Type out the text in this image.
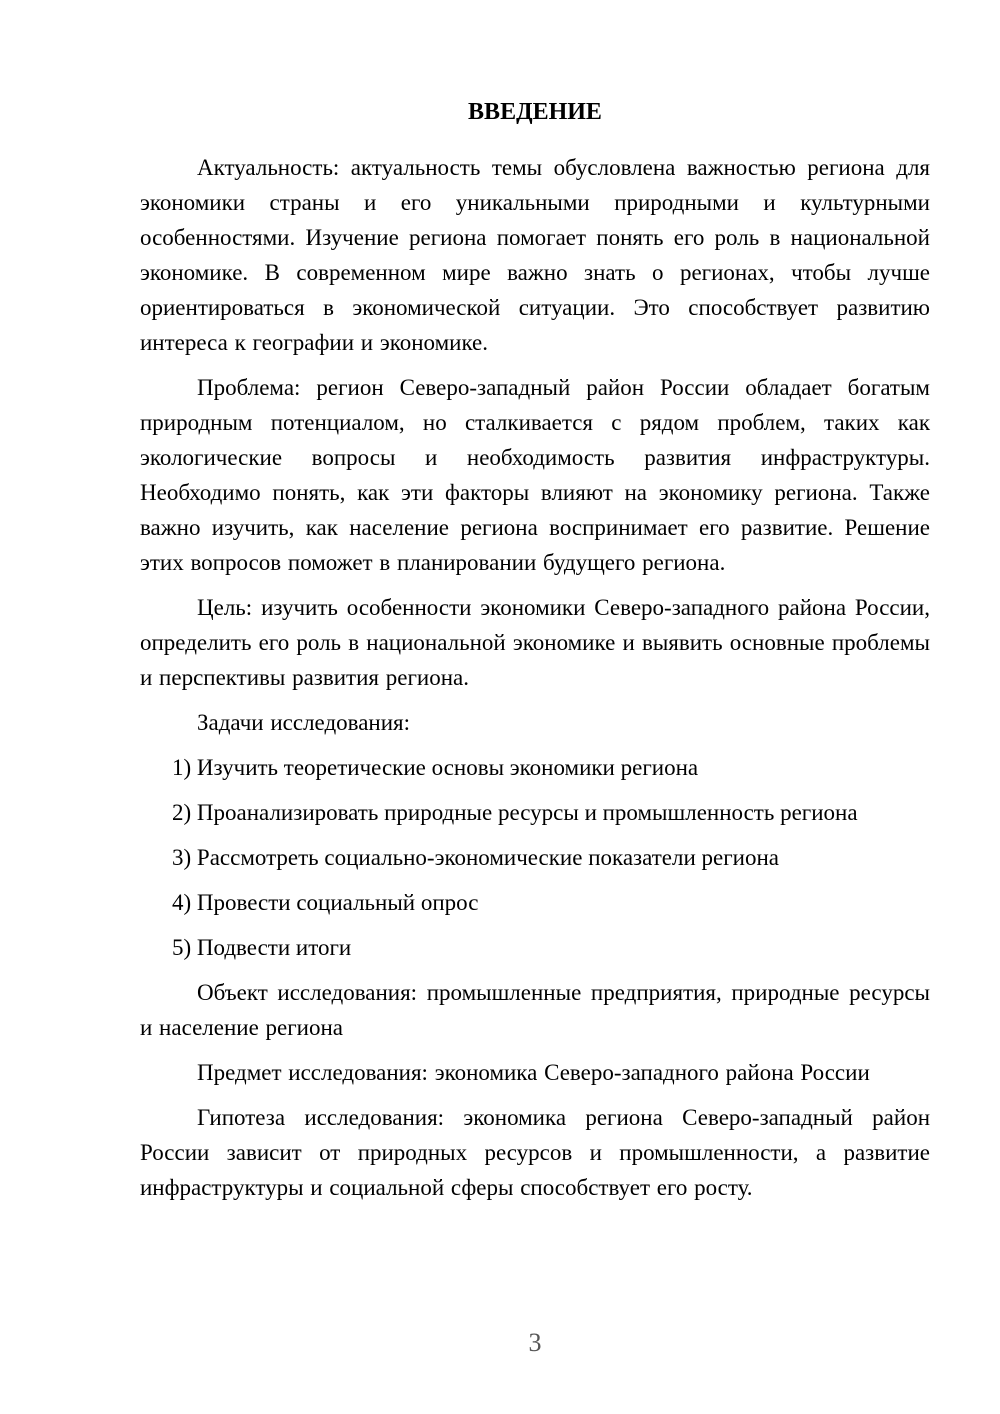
ВВЕДЕНИЕ

Актуальность: актуальность темы обусловлена важностью региона для экономики страны и его уникальными природными и культурными особенностями. Изучение региона помогает понять его роль в национальной экономике. В современном мире важно знать о регионах, чтобы лучше ориентироваться в экономической ситуации. Это способствует развитию интереса к географии и экономике.

Проблема: регион Северо-западный район России обладает богатым природным потенциалом, но сталкивается с рядом проблем, таких как экологические вопросы и необходимость развития инфраструктуры. Необходимо понять, как эти факторы влияют на экономику региона. Также важно изучить, как население региона воспринимает его развитие. Решение этих вопросов поможет в планировании будущего региона.

Цель: изучить особенности экономики Северо-западного района России, определить его роль в национальной экономике и выявить основные проблемы и перспективы развития региона.

Задачи исследования:

1) Изучить теоретические основы экономики региона

2) Проанализировать природные ресурсы и промышленность региона

3) Рассмотреть социально-экономические показатели региона

4) Провести социальный опрос

5) Подвести итоги

Объект исследования: промышленные предприятия, природные ресурсы и население региона

Предмет исследования: экономика Северо-западного района России

Гипотеза исследования: экономика региона Северо-западный район России зависит от природных ресурсов и промышленности, а развитие инфраструктуры и социальной сферы способствует его росту.

3
